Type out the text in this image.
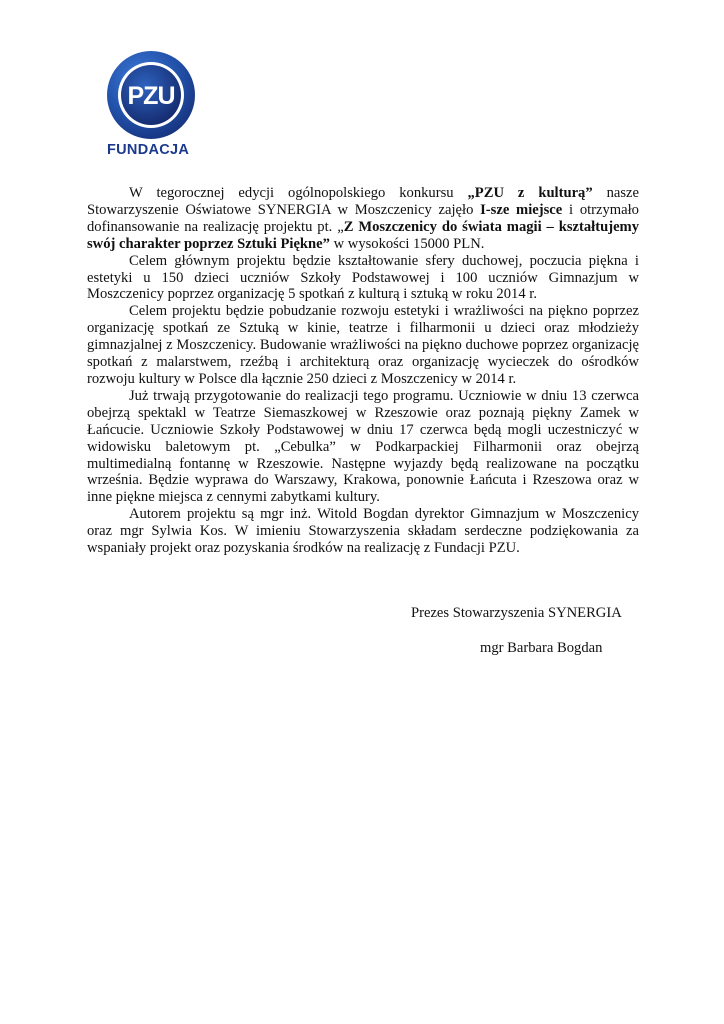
PZU
FUNDACJA

W tegorocznej edycji ogólnopolskiego konkursu „PZU z kulturą” nasze Stowarzyszenie Oświatowe SYNERGIA w Moszczenicy zajęło I-sze miejsce i otrzymało dofinansowanie na realizację projektu pt. „Z Moszczenicy do świata magii – kształtujemy swój charakter poprzez Sztuki Piękne” w wysokości 15000 PLN.

Celem głównym projektu będzie kształtowanie sfery duchowej, poczucia piękna i estetyki u 150 dzieci uczniów Szkoły Podstawowej i 100 uczniów Gimnazjum w Moszczenicy poprzez organizację 5 spotkań z kulturą i sztuką w roku 2014 r.

Celem projektu będzie pobudzanie rozwoju estetyki i wrażliwości na piękno poprzez organizację spotkań ze Sztuką w kinie, teatrze i filharmonii u dzieci oraz młodzieży gimnazjalnej z Moszczenicy. Budowanie wrażliwości na piękno duchowe poprzez organizację spotkań z malarstwem, rzeźbą i architekturą oraz organizację wycieczek do ośrodków rozwoju kultury w Polsce dla łącznie 250 dzieci z Moszczenicy w 2014 r.

Już trwają przygotowanie do realizacji tego programu. Uczniowie w dniu 13 czerwca obejrzą spektakl w Teatrze Siemaszkowej w Rzeszowie oraz poznają piękny Zamek w Łańcucie. Uczniowie Szkoły Podstawowej w dniu 17 czerwca będą mogli uczestniczyć w widowisku baletowym pt. „Cebulka” w Podkarpackiej Filharmonii oraz obejrzą multimedialną fontannę w Rzeszowie. Następne wyjazdy będą realizowane na początku września. Będzie wyprawa do Warszawy, Krakowa, ponownie Łańcuta i Rzeszowa oraz w inne piękne miejsca z cennymi zabytkami kultury.

Autorem projektu są mgr inż. Witold Bogdan dyrektor Gimnazjum w Moszczenicy oraz mgr Sylwia Kos. W imieniu Stowarzyszenia składam serdeczne podziękowania za wspaniały projekt oraz pozyskania środków na realizację z Fundacji PZU.

Prezes Stowarzyszenia SYNERGIA
mgr Barbara Bogdan
